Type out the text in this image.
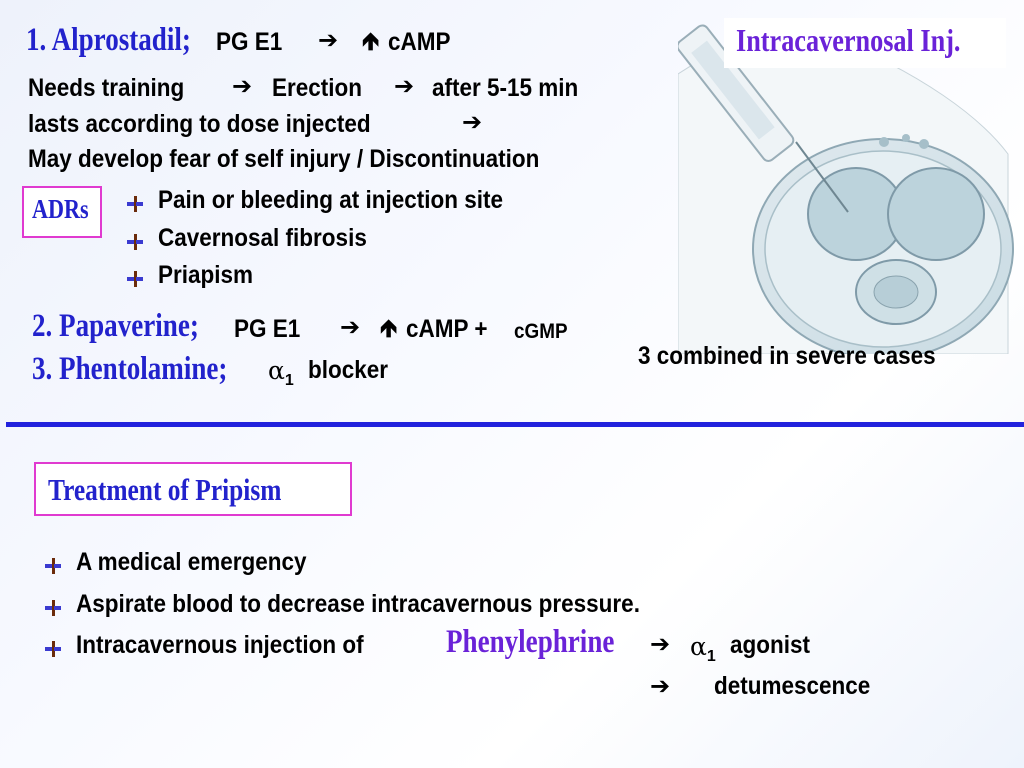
Intracavernosal Inj.
1. Alprostadil;	PG E1 ➔ 🡹 cAMP
Needs training ➔ Erection ➔ after 5-15 min
lasts according to dose injected	➔
May develop fear of self injury / Discontinuation
ADRs	Pain or bleeding at injection site
Cavernosal fibrosis
Priapism
2. Papaverine; PG E1 ➔ 🡹 cAMP + cGMP
3. Phentolamine; $\alpha_1$ blocker	3 combined in severe cases
Treatment of Pripism
A medical emergency
Aspirate blood to decrease intracavernous pressure.
Intracavernous injection of	Phenylephrine ➔ $\alpha_1$ agonist
➔ detumescence
